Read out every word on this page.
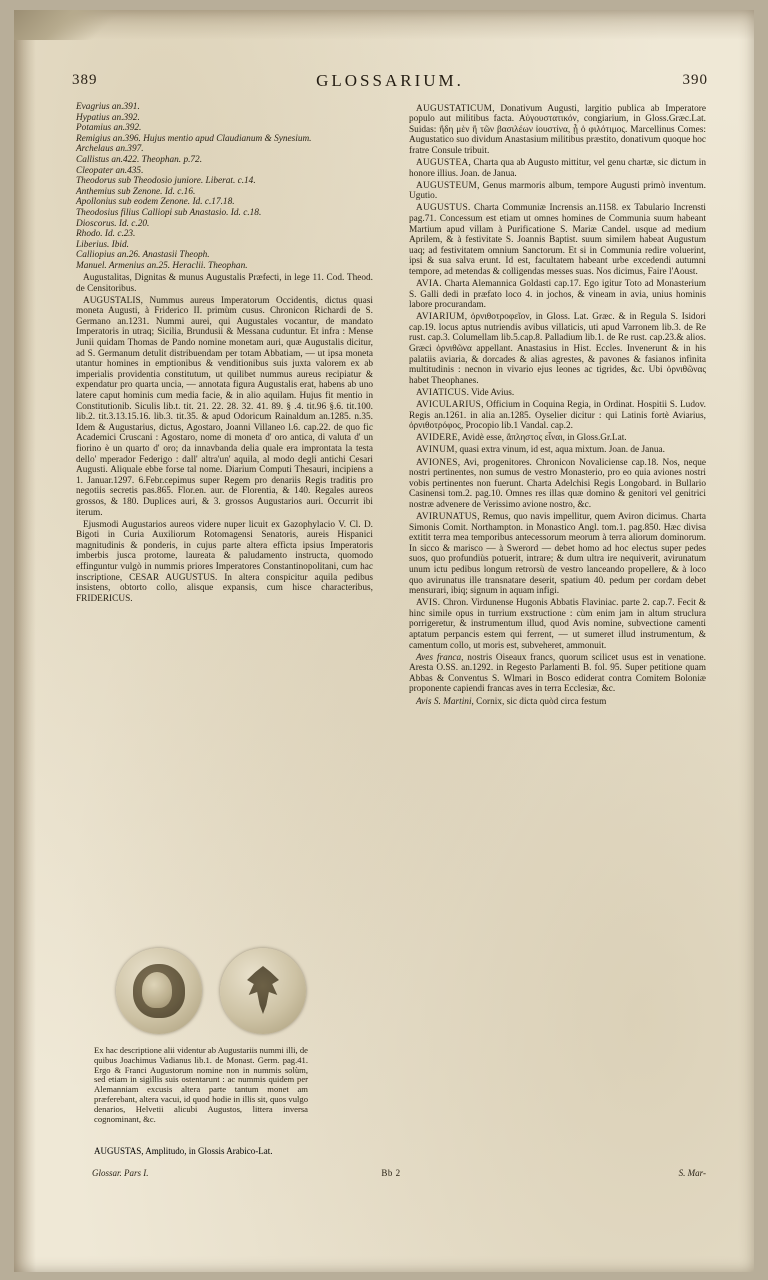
389	GLOSSARIUM.	390

Evagrius an.391.

Hypatius an.392.

Potamius an.392.

Remigius an.396. Hujus mentio apud Claudianum & Synesium.

Archelaus an.397.

Callistus an.422. Theophan. p.72.

Cleopater an.435.

Theodorus sub Theodosio juniore. Liberat. c.14.

Anthemius sub Zenone. Id. c.16.

Apollonius sub eodem Zenone. Id. c.17.18.

Theodosius filius Calliopi sub Anastasio. Id. c.18.

Dioscorus. Id. c.20.

Rhodo. Id. c.23.

Liberius. Ibid.

Calliopius an.26. Anastasii Theoph.

Manuel. Armenius an.25. Heraclii. Theophan.

Augustalitas, Dignitas & munus Augustalis Præfecti, in lege 11. Cod. Theod. de Censitoribus.

AUGUSTALIS, Nummus aureus Imperatorum Occidentis, dictus quasi moneta Augusti, à Friderico II. primùm cusus. Chronicon Richardi de S. Germano an.1231. Nummi aurei, qui Augustales vocantur, de mandato Imperatoris in utraq; Sicilia, Brundusii & Messana cuduntur. Et infra : Mense Junii quidam Thomas de Pando nomine monetam auri, quæ Augustalis dicitur, ad S. Germanum detulit distribuendam per totam Abbatiam, — ut ipsa moneta utantur homines in emptionibus & venditionibus suis juxta valorem ex ab imperialis providentia constitutum, ut quilibet nummus aureus recipiatur & expendatur pro quarta uncia, — annotata figura Augustalis erat, habens ab uno latere caput hominis cum media facie, & in alio aquilam. Hujus fit mentio in Constitutionib. Siculis lib.t. tit. 21. 22. 28. 32. 41. 89. § .4. tit.96 §.6. tit.100. lib.2. tit.3.13.15.16. lib.3. tit.35. & apud Odoricum Rainaldum an.1285. n.35. Idem & Augustarius, dictus, Agostaro, Joanni Villaneo l.6. cap.22. de quo fic Academici Cruscani : Agostaro, nome di moneta d' oro antica, di valuta d' un fiorino è un quarto d' oro; da innavbanda delia quale era improntata la testa dello' mperador Federigo : dall' altra'un' aquila, al modo degli antichi Cesari Augusti. Aliquale ebbe forse tal nome. Diarium Computi Thesauri, incipiens a 1. Januar.1297. 6.Febr.cepimus super Regem pro denariis Regis traditis pro negotiis secretis pas.865. Flor.en. aur. de Florentia, & 140. Regales aureos grossos, & 180. Duplices auri, & 3. grossos Augustarios auri. Occurrit ibi iterum.

Ejusmodi Augustarios aureos videre nuper licuit ex Gazophylacio V. Cl. D. Bigoti in Curia Auxiliorum Rotomagensi Senatoris, aureis Hispanici magnitudinis & ponderis, in cujus parte altera efficta ipsius Imperatoris imberbis jusca protome, laureata & paludamento instructa, quomodo effinguntur vulgò in nummis priores Imperatores Constantinopolitani, cum hac inscriptione, CESAR AUGUSTUS. In altera conspicitur aquila pedibus insistens, obtorto collo, alisque expansis, cum hisce characteribus, FRIDERICUS.

AUGUSTATICUM, Donativum Augusti, largitio publica ab Imperatore populo aut militibus facta. Αὐγουστατικόν, congiarium, in Gloss.Græc.Lat. Suidas: ἤδη μὲν ἢ τῶν βασιλέων ἰουστίνα, ᾗ ὁ φιλότιμος. Marcellinus Comes: Augustatico suo dividum Anastasium militibus præstito, donativum quoque hoc fratre Consule tribuit.

AUGUSTEA, Charta qua ab Augusto mittitur, vel genu chartæ, sic dictum in honore illius. Joan. de Janua.

AUGUSTEUM, Genus marmoris album, tempore Augusti primò inventum. Ugutio.

AUGUSTUS. Charta Communiæ Incrensis an.1158. ex Tabulario Incrensti pag.71. Concessum est etiam ut omnes homines de Communia suum habeant Martium apud villam à Purificatione S. Mariæ Candel. usque ad medium Aprilem, & à festivitate S. Joannis Baptist. suum similem habeat Augustum uaq; ad festivitatem omnium Sanctorum. Et si in Communia redire voluerint, ipsi & sua salva erunt. Id est, facultatem habeant urbe excedendi autumni tempore, ad metendas & colligendas messes suas. Nos dicimus, Faire l'Aoust.

AVIA. Charta Alemannica Goldasti cap.17. Ego igitur Toto ad Monasterium S. Galli dedi in præfato loco 4. in jochos, & vineam in avia, unius hominis labore procurandam.

AVIARIUM, ὀρνιθοτροφεῖον, in Gloss. Lat. Græc. & in Regula S. Isidori cap.19. locus aptus nutriendis avibus villaticis, uti apud Varronem lib.3. de Re rust. cap.3. Columellam lib.5.cap.8. Palladium lib.1. de Re rust. cap.23.& alios. Græci ὀρνιθῶνα appellant. Anastasius in Hist. Eccles. Invenerunt & in his palatiis aviaria, & dorcades & alias agrestes, & pavones & fasianos infinita multitudinis : necnon in vivario ejus leones ac tigrides, &c. Ubi ὀρνιθῶνας habet Theophanes.

AVIATICUS. Vide Avius.

AVICULARIUS, Officium in Coquina Regia, in Ordinat. Hospitii S. Ludov. Regis an.1261. in alia an.1285. Oyselier dicitur : qui Latinis fortè Aviarius, ὀρνιθοτρόφος, Procopio lib.1 Vandal. cap.2.

AVIDERE, Avidè esse, ἄπληστος εἶναι, in Gloss.Gr.Lat.

AVINUM, quasi extra vinum, id est, aqua mixtum. Joan. de Janua.

AVIONES, Avi, progenitores. Chronicon Novaliciense cap.18. Nos, neque nostri pertinentes, non sumus de vestro Monasterio, pro eo quia aviones nostri vobis pertinentes non fuerunt. Charta Adelchisi Regis Longobard. in Bullario Casinensi tom.2. pag.10. Omnes res illas quæ domino & genitori vel genitrici nostræ advenere de Verissimo avione nostro, &c.

AVIRUNATUS, Remus, quo navis impellitur, quem Aviron dicimus. Charta Simonis Comit. Northampton. in Monastico Angl. tom.1. pag.850. Hæc divisa extitit terra mea temporibus antecessorum meorum à terra aliorum dominorum. In sicco & marisco — à Swerord — debet homo ad hoc electus super pedes suos, quo profundiùs potuerit, intrare; & dum ultra ire nequiverit, avirunatum unum ictu pedibus longum retrorsù de vestro lanceando propellere, & à loco quo avirunatus ille transnatare deserit, spatium 40. pedum per cordam debet mensurari, ibiq; signum in aquam infigi.

AVIS. Chron. Virdunense Hugonis Abbatis Flaviniac. parte 2. cap.7. Fecit & hinc simile opus in turrium exstructione : cùm enim jam in altum struclura porrigeretur, & instrumentum illud, quod Avis nomine, subvectione camenti aptatum perpancis estem qui ferrent, — ut sumeret illud instrumentum, & camentum collo, ut moris est, subveheret, ammonuit.

Aves franca, nostris Oiseaux francs, quorum scilicet usus est in venatione. Aresta O.SS. an.1292. in Regesto Parlamenti B. fol. 95. Super petitione quam Abbas & Conventus S. Wlmari in Bosco ediderat contra Comitem Boloniæ proponente capiendi francas aves in terra Ecclesiæ, &c.

Avis S. Martini, Cornix, sic dicta quòd circa festum

Ex hac descriptione alii videntur ab Augustariis nummi illi, de quibus Joachimus Vadianus lib.1. de Monast. Germ. pag.41. Ergo & Franci Augustorum nomine non in nummis solùm, sed etiam in sigillis suis ostentarunt : ac nummis quidem per Alemanniam excusis altera parte tantum monet am præferebant, altera vacui, id quod hodie in illis sit, quos vulgo denarios, Helvetii alicubi Augustos, littera inversa cognominant, &c.
AUGUSTAS, Amplitudo, in Glossis Arabico-Lat.
Glossar. Pars I.	Bb 2	S. Mar-
